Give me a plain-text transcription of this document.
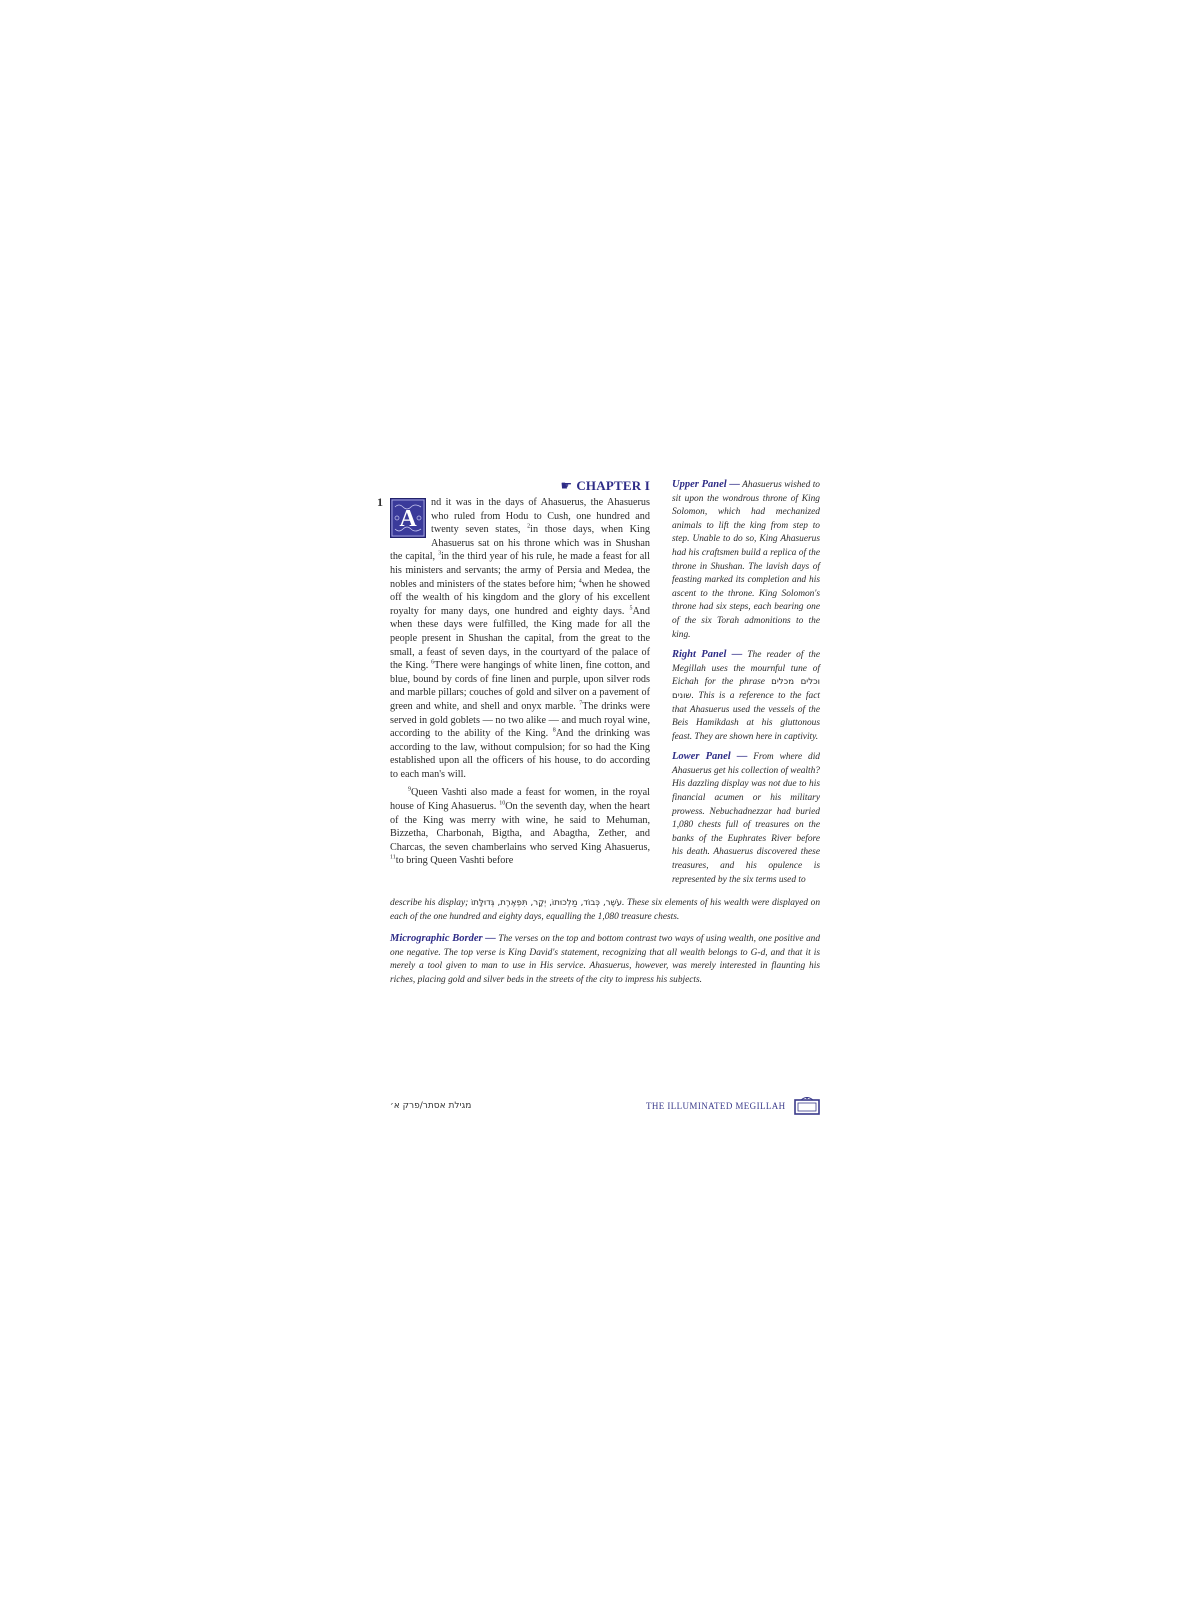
☛ CHAPTER I
1

A
nd it was in the days of Ahasuerus, the Ahasuerus who ruled from Hodu to Cush, one hundred and twenty seven states, $^2$in those days, when King Ahasuerus sat on his throne which was in Shushan the capital, $^3$in the third year of his rule, he made a feast for all his ministers and servants; the army of Persia and Medea, the nobles and ministers of the states before him; $^4$when he showed off the wealth of his kingdom and the glory of his excellent royalty for many days, one hundred and eighty days. $^5$And when these days were fulfilled, the King made for all the people present in Shushan the capital, from the great to the small, a feast of seven days, in the courtyard of the palace of the King. $^6$There were hangings of white linen, fine cotton, and blue, bound by cords of fine linen and purple, upon silver rods and marble pillars; couches of gold and silver on a pavement of green and white, and shell and onyx marble. $^7$The drinks were served in gold goblets — no two alike — and much royal wine, according to the ability of the King. $^8$And the drinking was according to the law, without compulsion; for so had the King established upon all the officers of his house, to do according to each man's will.

$^9$Queen Vashti also made a feast for women, in the royal house of King Ahasuerus. $^{10}$On the seventh day, when the heart of the King was merry with wine, he said to Mehuman, Bizzetha, Charbonah, Bigtha, and Abagtha, Zether, and Charcas, the seven chamberlains who served King Ahasuerus, $^{11}$to bring Queen Vashti before

Upper Panel — Ahasuerus wished to sit upon the wondrous throne of King Solomon, which had mechanized animals to lift the king from step to step. Unable to do so, King Ahasuerus had his craftsmen build a replica of the throne in Shushan. The lavish days of feasting marked its completion and his ascent to the throne. King Solomon's throne had six steps, each bearing one of the six Torah admonitions to the king.

Right Panel — The reader of the Megillah uses the mournful tune of Eichah for the phrase וכלים מכלים שונים. This is a reference to the fact that Ahasuerus used the vessels of the Beis Hamikdash at his gluttonous feast. They are shown here in captivity.

Lower Panel — From where did Ahasuerus get his collection of wealth? His dazzling display was not due to his financial acumen or his military prowess. Nebuchadnezzar had buried 1,080 chests full of treasures on the banks of the Euphrates River before his death. Ahasuerus discovered these treasures, and his opulence is represented by the six terms used to

describe his display; עֹשֶׁר, כְּבוֹד, מַלְכוּתוֹ, יְקָר, תִּפְאֶרֶת, גְּדוּלָּתוֹ. These six elements of his wealth were displayed on each of the one hundred and eighty days, equalling the 1,080 treasure chests.

Micrographic Border — The verses on the top and bottom contrast two ways of using wealth, one positive and one negative. The top verse is King David's statement, recognizing that all wealth belongs to G-d, and that it is merely a tool given to man to use in His service. Ahasuerus, however, was merely interested in flaunting his riches, placing gold and silver beds in the streets of the city to impress his subjects.

מגילת אסתר/פרק א׳	THE ILLUMINATED MEGILLAH
